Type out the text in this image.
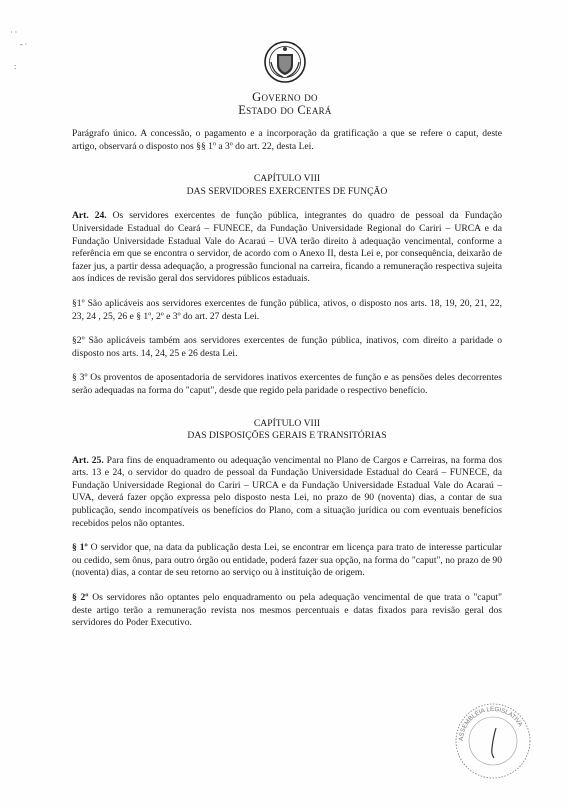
· ·
- ·
:
Governo do
Estado do Ceará

Parágrafo único. A concessão, o pagamento e a incorporação da gratificação a que se refere o caput, deste artigo, observará o disposto nos §§ 1º a 3º do art. 22, desta Lei.

CAPÍTULO VIII

DAS SERVIDORES EXERCENTES DE FUNÇÃO

Art. 24. Os servidores exercentes de função pública, integrantes do quadro de pessoal da Fundação Universidade Estadual do Ceará – FUNECE, da Fundação Universidade Regional do Cariri – URCA e da Fundação Universidade Estadual Vale do Acaraú – UVA terão direito à adequação vencimental, conforme a referência em que se encontra o servidor, de acordo com o Anexo II, desta Lei e, por consequência, deixarão de fazer jus, a partir dessa adequação, a progressão funcional na carreira, ficando a remuneração respectiva sujeita aos índices de revisão geral dos servidores públicos estaduais.

§1º São aplicáveis aos servidores exercentes de função pública, ativos, o disposto nos arts. 18, 19, 20, 21, 22, 23, 24 , 25, 26 e § 1º, 2º e 3º do art. 27 desta Lei.

§2º São aplicáveis também aos servidores exercentes de função pública, inativos, com direito a paridade o disposto nos arts. 14, 24, 25 e 26 desta Lei.

§ 3º Os proventos de aposentadoria de servidores inativos exercentes de função e as pensões deles decorrentes serão adequadas na forma do "caput", desde que regido pela paridade o respectivo benefício.

CAPÍTULO VIII

DAS DISPOSIÇÕES GERAIS E TRANSITÓRIAS

Art. 25. Para fins de enquadramento ou adequação vencimental no Plano de Cargos e Carreiras, na forma dos arts. 13 e 24, o servidor do quadro de pessoal da Fundação Universidade Estadual do Ceará – FUNECE, da Fundação Universidade Regional do Cariri – URCA e da Fundação Universidade Estadual Vale do Acaraú – UVA, deverá fazer opção expressa pelo disposto nesta Lei, no prazo de 90 (noventa) dias, a contar de sua publicação, sendo incompatíveis os benefícios do Plano, com a situação jurídica ou com eventuais benefícios recebidos pelos não optantes.

§ 1º O servidor que, na data da publicação desta Lei, se encontrar em licença para trato de interesse particular ou cedido, sem ônus, para outro órgão ou entidade, poderá fazer sua opção, na forma do "caput", no prazo de 90 (noventa) dias, a contar de seu retorno ao serviço ou à instituição de origem.

§ 2º Os servidores não optantes pelo enquadramento ou pela adequação vencimental de que trata o "caput" deste artigo terão a remuneração revista nos mesmos percentuais e datas fixados para revisão geral dos servidores do Poder Executivo.

ASSEMBLEIA LEGISLATIVA
